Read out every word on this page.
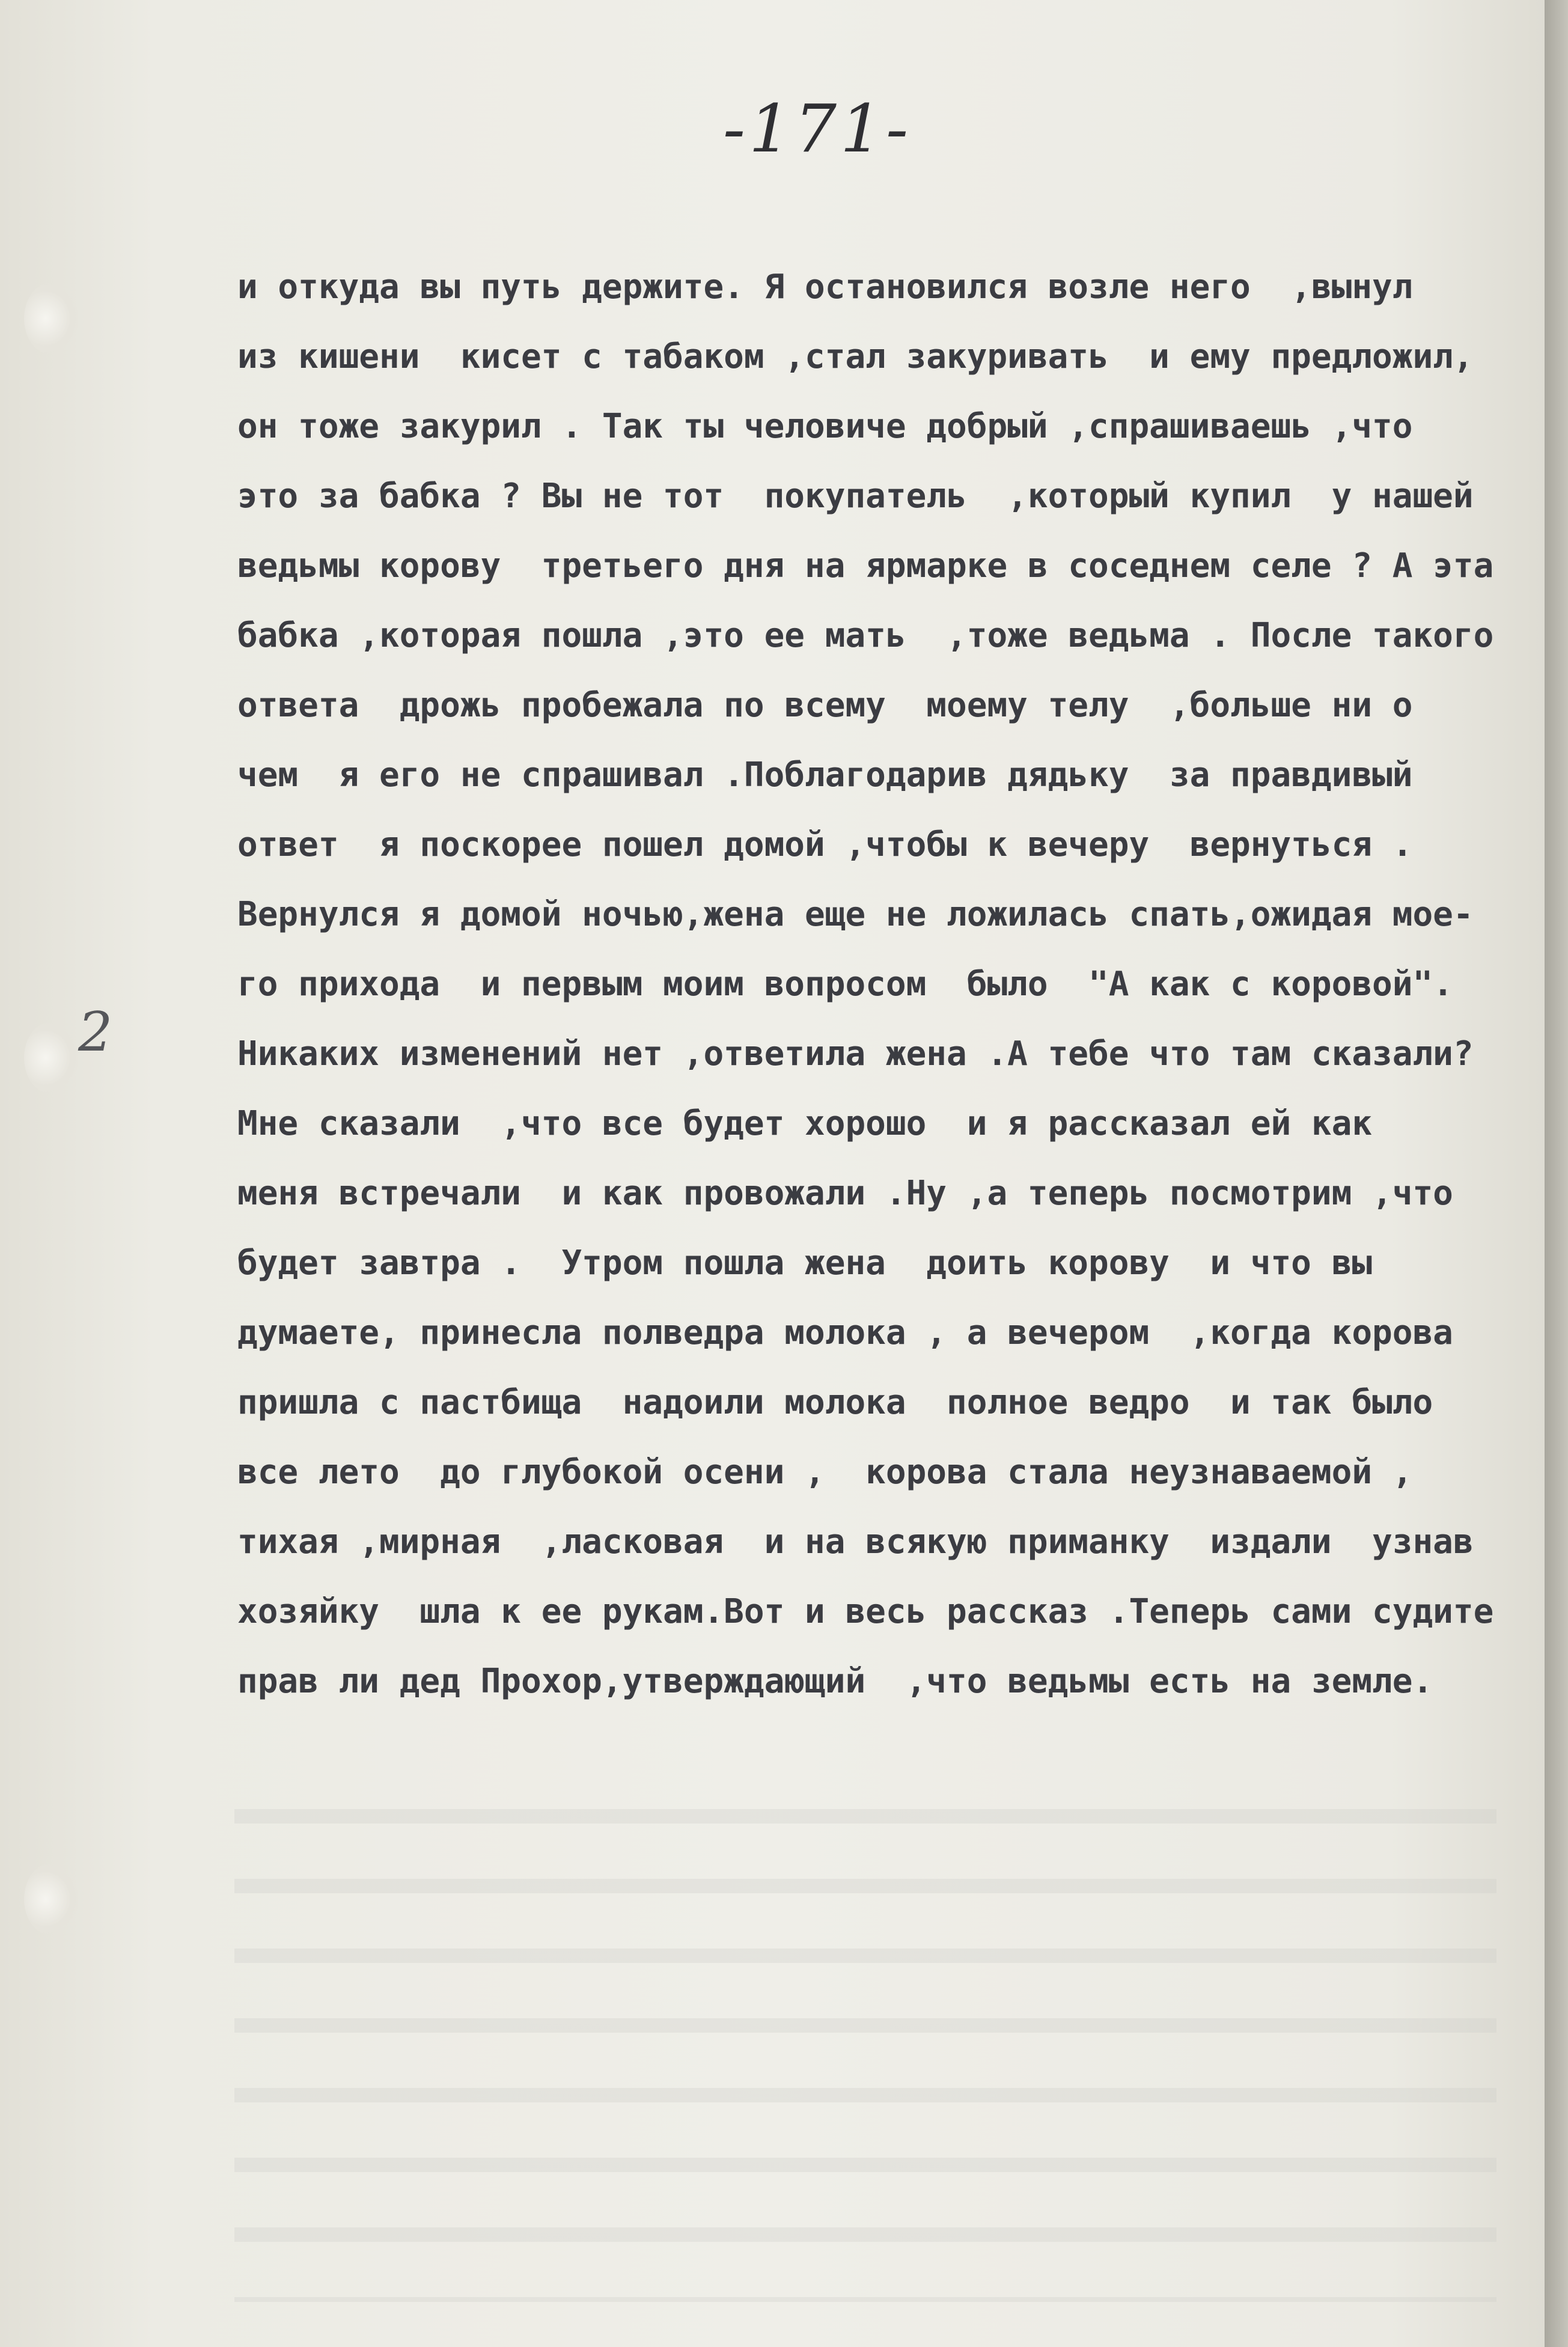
-171-
2
и откуда вы путь держите. Я остановился возле него  ,вынул
из кишени  кисет с табаком ,стал закуривать  и ему предложил,
он тоже закурил . Так ты человиче добрый ,спрашиваешь ,что
это за бабка ? Вы не тот  покупатель  ,который купил  у нашей
ведьмы корову  третьего дня на ярмарке в соседнем селе ? А эта
бабка ,которая пошла ,это ее мать  ,тоже ведьма . После такого
ответа  дрожь пробежала по всему  моему телу  ,больше ни о
чем  я его не спрашивал .Поблагодарив дядьку  за правдивый
ответ  я поскорее пошел домой ,чтобы к вечеру  вернуться .
Вернулся я домой ночью,жена еще не ложилась спать,ожидая мое-
го прихода  и первым моим вопросом  было  "А как с коровой".
Никаких изменений нет ,ответила жена .А тебе что там сказали?
Мне сказали  ,что все будет хорошо  и я рассказал ей как
меня встречали  и как провожали .Ну ,а теперь посмотрим ,что
будет завтра .  Утром пошла жена  доить корову  и что вы
думаете, принесла полведра молока , а вечером  ,когда корова
пришла с пастбища  надоили молока  полное ведро  и так было
все лето  до глубокой осени ,  корова стала неузнаваемой ,
тихая ,мирная  ,ласковая  и на всякую приманку  издали  узнав
хозяйку  шла к ее рукам.Вот и весь рассказ .Теперь сами судите
прав ли дед Прохор,утверждающий  ,что ведьмы есть на земле.
